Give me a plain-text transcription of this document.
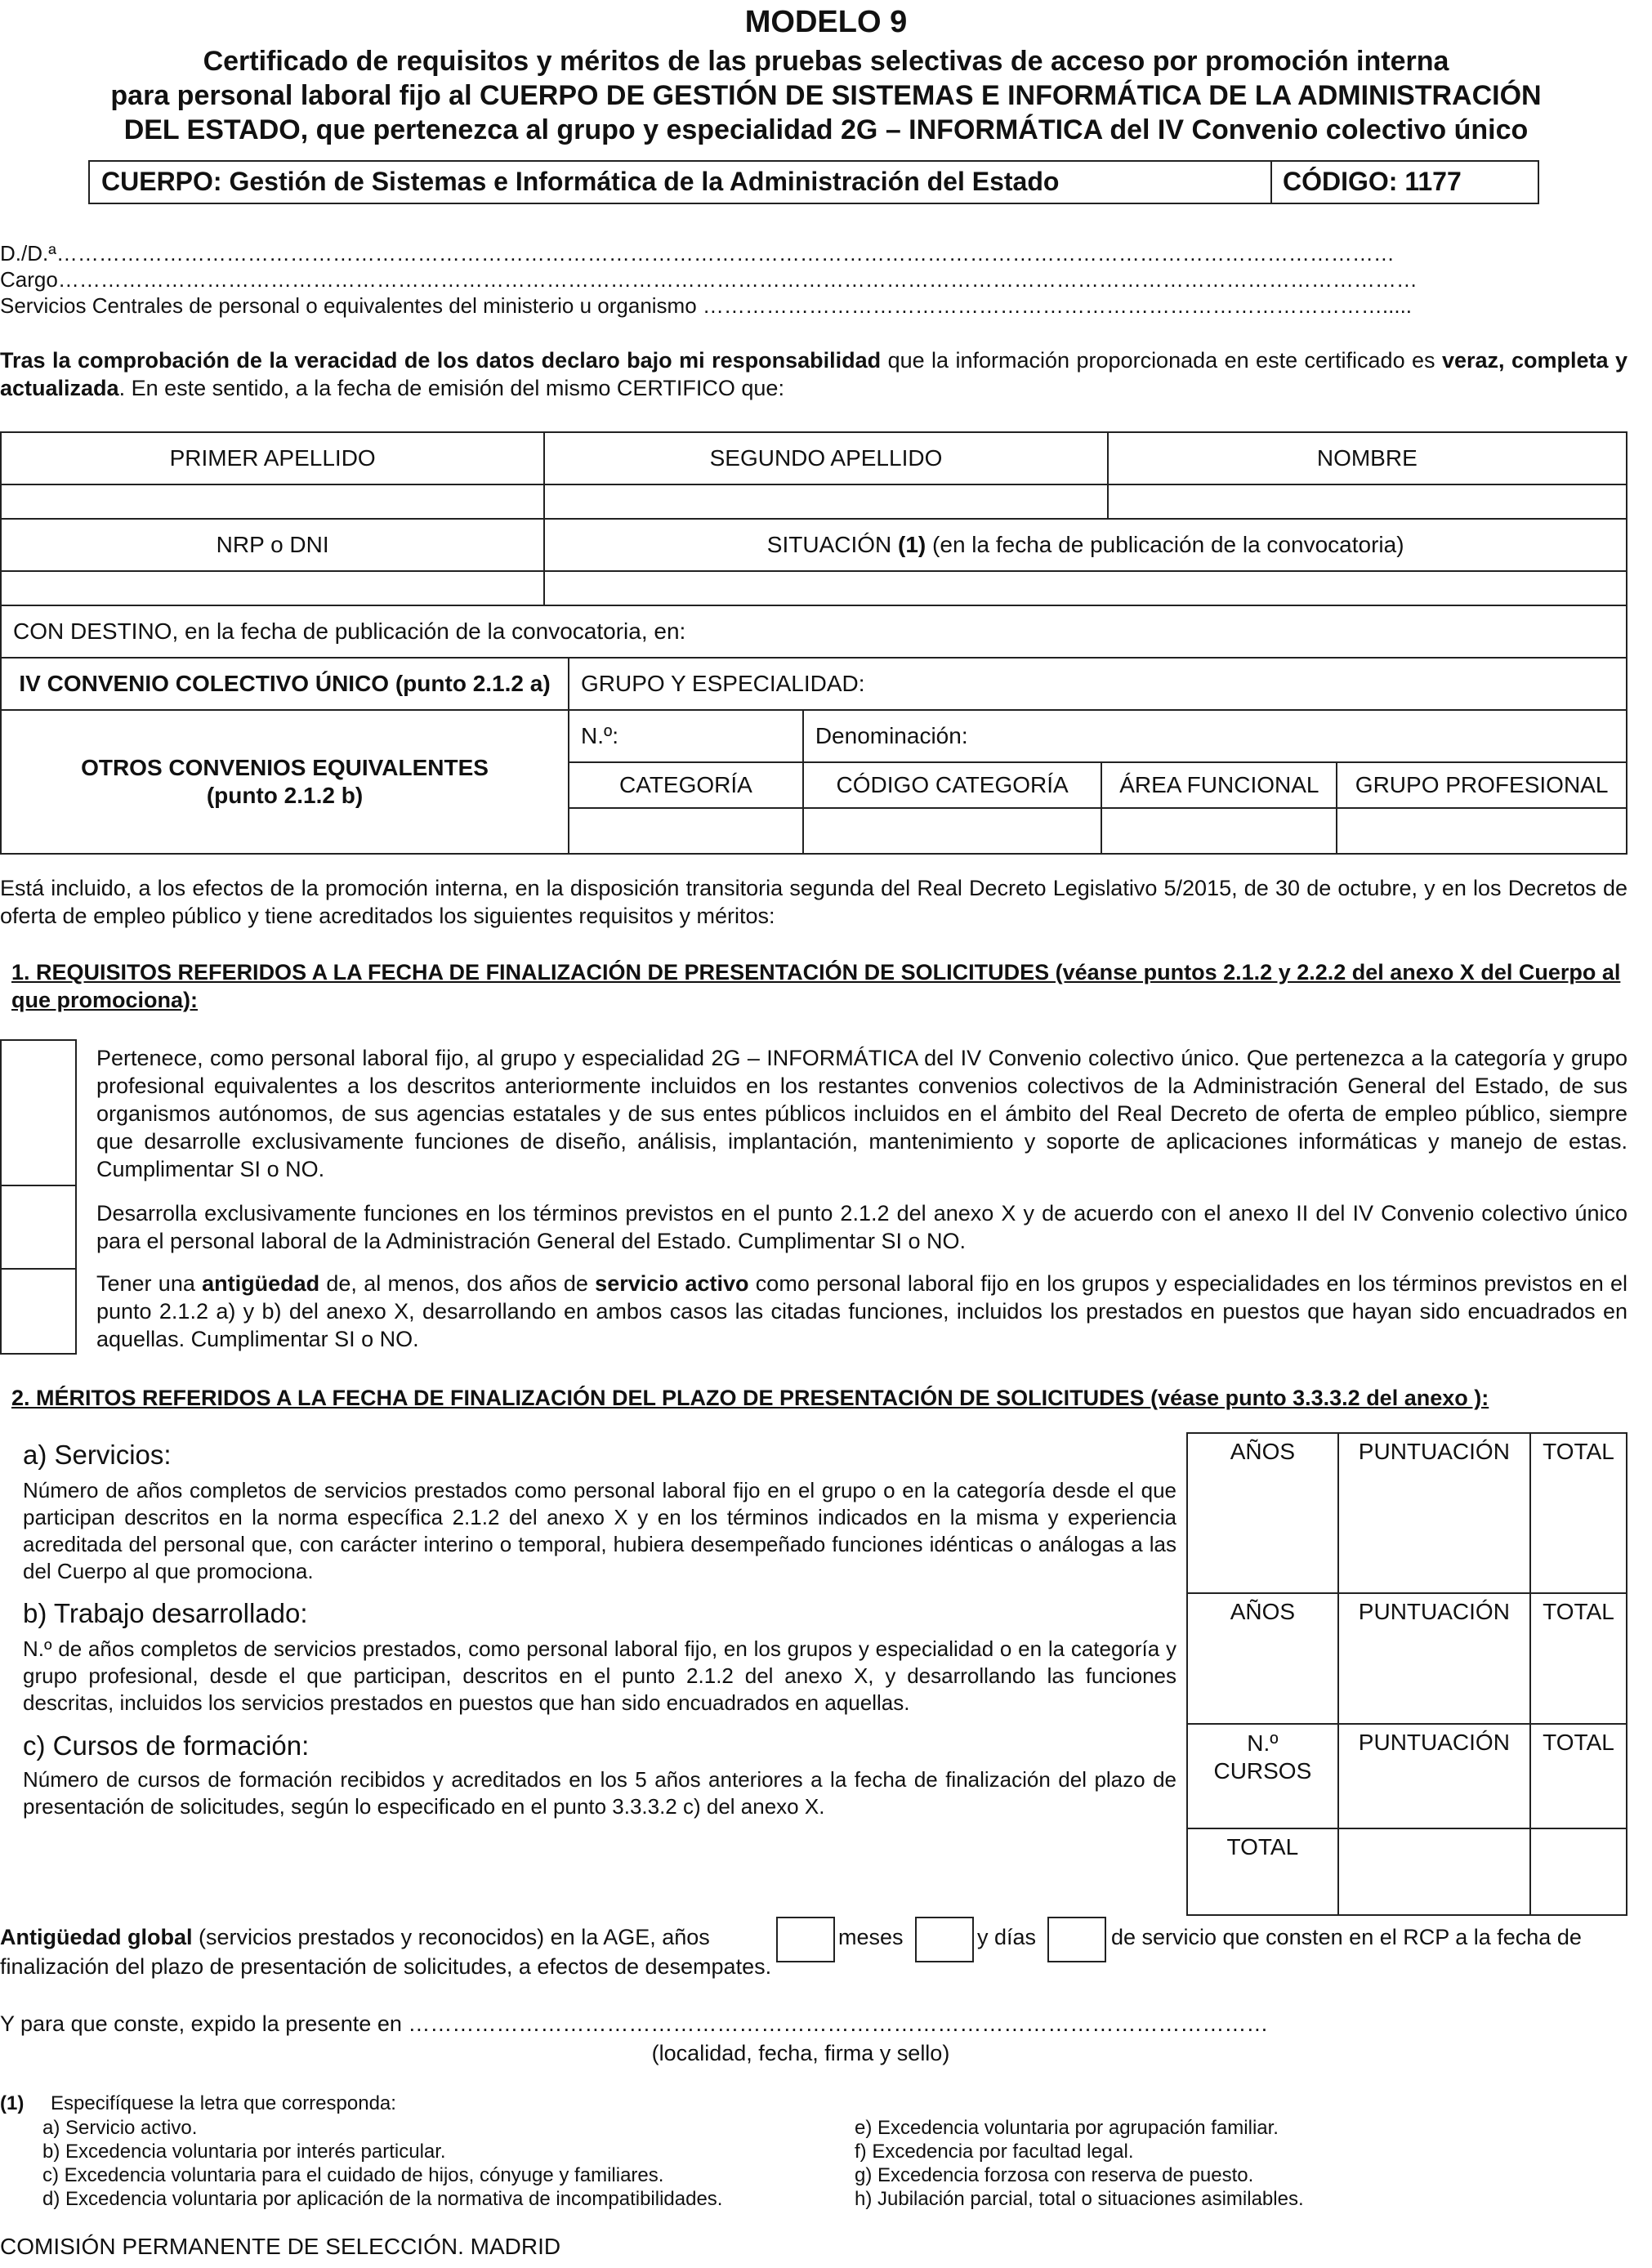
MODELO 9
Certificado de requisitos y méritos de las pruebas selectivas de acceso por promoción interna
para personal laboral fijo al CUERPO DE GESTIÓN DE SISTEMAS E INFORMÁTICA DE LA ADMINISTRACIÓN
DEL ESTADO, que pertenezca al grupo y especialidad 2G – INFORMÁTICA del IV Convenio colectivo único
CUERPO: Gestión de Sistemas e Informática de la Administración del Estado	CÓDIGO: 1177
D./D.ª………………………………………………………………………………………………………………………………………………………………………
Cargo…………………………………………………………………………………………………………………………………………………………………………
Servicios Centrales de personal o equivalentes del ministerio u organismo …………………………………………………………………………………….....
Tras la comprobación de la veracidad de los datos declaro bajo mi responsabilidad que la información proporcionada en este certificado es veraz, completa y actualizada. En este sentido, a la fecha de emisión del mismo CERTIFICO que:
PRIMER APELLIDO	SEGUNDO APELLIDO	NOMBRE

NRP o DNI	SITUACIÓN (1) (en la fecha de publicación de la convocatoria)	

CON DESTINO, en la fecha de publicación de la convocatoria, en:		
IV CONVENIO COLECTIVO ÚNICO (punto 2.1.2 a)	GRUPO Y ESPECIALIDAD:			

OTROS CONVENIOS EQUIVALENTES
(punto 2.1.2 b)	N.º:	Denominación:		
	CATEGORÍA	CÓDIGO CATEGORÍA	ÁREA FUNCIONAL	GRUPO PROFESIONAL

Está incluido, a los efectos de la promoción interna, en la disposición transitoria segunda del Real Decreto Legislativo 5/2015, de 30 de octubre, y en los Decretos de oferta de empleo público y tiene acreditados los siguientes requisitos y méritos:
1. REQUISITOS REFERIDOS A LA FECHA DE FINALIZACIÓN DE PRESENTACIÓN DE SOLICITUDES (véanse puntos 2.1.2 y 2.2.2 del anexo X del Cuerpo al que promociona):
Pertenece, como personal laboral fijo, al grupo y especialidad 2G – INFORMÁTICA del IV Convenio colectivo único. Que pertenezca a la categoría y grupo profesional equivalentes a los descritos anteriormente incluidos en los restantes convenios colectivos de la Administración General del Estado, de sus organismos autónomos, de sus agencias estatales y de sus entes públicos incluidos en el ámbito del Real Decreto de oferta de empleo público, siempre que desarrolle exclusivamente funciones de diseño, análisis, implantación, mantenimiento y soporte de aplicaciones informáticas y manejo de estas. Cumplimentar SI o NO.
Desarrolla exclusivamente funciones en los términos previstos en el punto 2.1.2 del anexo X y de acuerdo con el anexo II del IV Convenio colectivo único para el personal laboral de la Administración General del Estado. Cumplimentar SI o NO.
Tener una antigüedad de, al menos, dos años de servicio activo como personal laboral fijo en los grupos y especialidades en los términos previstos en el punto 2.1.2 a) y b) del anexo X, desarrollando en ambos casos las citadas funciones, incluidos los prestados en puestos que hayan sido encuadrados en aquellas. Cumplimentar SI o NO.
2. MÉRITOS REFERIDOS A LA FECHA DE FINALIZACIÓN DEL PLAZO DE PRESENTACIÓN DE SOLICITUDES (véase punto 3.3.3.2 del anexo ):
a) Servicios:
Número de años completos de servicios prestados como personal laboral fijo en el grupo o en la categoría desde el que participan descritos en la norma específica 2.1.2 del anexo X y en los términos indicados en la misma y experiencia acreditada del personal que, con carácter interino o temporal, hubiera desempeñado funciones idénticas o análogas a las del Cuerpo al que promociona.
b) Trabajo desarrollado:
N.º de años completos de servicios prestados, como personal laboral fijo, en los grupos y especialidad o en la categoría y grupo profesional, desde el que participan, descritos en el punto 2.1.2 del anexo X, y desarrollando las funciones descritas, incluidos los servicios prestados en puestos que han sido encuadrados en aquellas.
c) Cursos de formación:
Número de cursos de formación recibidos y acreditados en los 5 años anteriores a la fecha de finalización del plazo de presentación de solicitudes, según lo especificado en el punto 3.3.3.2 c) del anexo X.
AÑOS	PUNTUACIÓN	TOTAL
AÑOS	PUNTUACIÓN	TOTAL

N.º
CURSOS	PUNTUACIÓN	TOTAL
TOTAL		
Antigüedad global (servicios prestados y reconocidos) en la AGE, años	meses	y días	de servicio que consten en el RCP a la fecha de
finalización del plazo de presentación de solicitudes, a efectos de desempates.
Y para que conste, expido la presente en ………………………………………………………………………………………………………
(localidad, fecha, firma y sello)
(1) Especifíquese la letra que corresponda:
a) Servicio activo.
b) Excedencia voluntaria por interés particular.
c) Excedencia voluntaria para el cuidado de hijos, cónyuge y familiares.
d) Excedencia voluntaria por aplicación de la normativa de incompatibilidades.
e) Excedencia voluntaria por agrupación familiar.
f) Excedencia por facultad legal.
g) Excedencia forzosa con reserva de puesto.
h) Jubilación parcial, total o situaciones asimilables.
COMISIÓN PERMANENTE DE SELECCIÓN. MADRID
